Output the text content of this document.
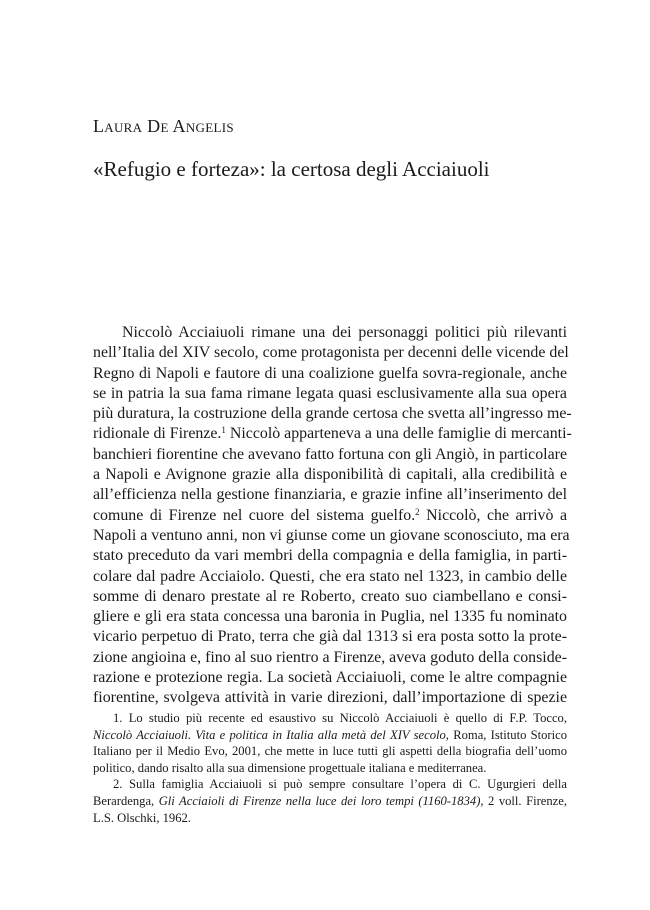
Laura De Angelis
«Refugio e forteza»: la certosa degli Acciaiuoli
Niccolò Acciaiuoli rimane una dei personaggi politici più rilevanti
nell’Italia del XIV secolo, come protagonista per decenni delle vicende del
Regno di Napoli e fautore di una coalizione guelfa sovra-regionale, anche
se in patria la sua fama rimane legata quasi esclusivamente alla sua opera
più duratura, la costruzione della grande certosa che svetta all’ingresso me-
ridionale di Firenze.$^1$ Niccolò apparteneva a una delle famiglie di mercanti-
banchieri fiorentine che avevano fatto fortuna con gli Angiò, in particolare
a Napoli e Avignone grazie alla disponibilità di capitali, alla credibilità e
all’efficienza nella gestione finanziaria, e grazie infine all’inserimento del
comune di Firenze nel cuore del sistema guelfo.$^2$ Niccolò, che arrivò a
Napoli a ventuno anni, non vi giunse come un giovane sconosciuto, ma era
stato preceduto da vari membri della compagnia e della famiglia, in parti-
colare dal padre Acciaiolo. Questi, che era stato nel 1323, in cambio delle
somme di denaro prestate al re Roberto, creato suo ciambellano e consi-
gliere e gli era stata concessa una baronia in Puglia, nel 1335 fu nominato
vicario perpetuo di Prato, terra che già dal 1313 si era posta sotto la prote-
zione angioina e, fino al suo rientro a Firenze, aveva goduto della conside-
razione e protezione regia. La società Acciaiuoli, come le altre compagnie
fiorentine, svolgeva attività in varie direzioni, dall’importazione di spezie
1. Lo studio più recente ed esaustivo su Niccolò Acciaiuoli è quello di F.P. Tocco,
Niccolò Acciaiuoli. Vita e politica in Italia alla metà del XIV secolo, Roma, Istituto Storico
Italiano per il Medio Evo, 2001, che mette in luce tutti gli aspetti della biografia dell’uomo
politico, dando risalto alla sua dimensione progettuale italiana e mediterranea.
2. Sulla famiglia Acciaiuoli si può sempre consultare l’opera di C. Ugurgieri della
Berardenga, Gli Acciaioli di Firenze nella luce dei loro tempi (1160-1834), 2 voll. Firenze,
L.S. Olschki, 1962.
